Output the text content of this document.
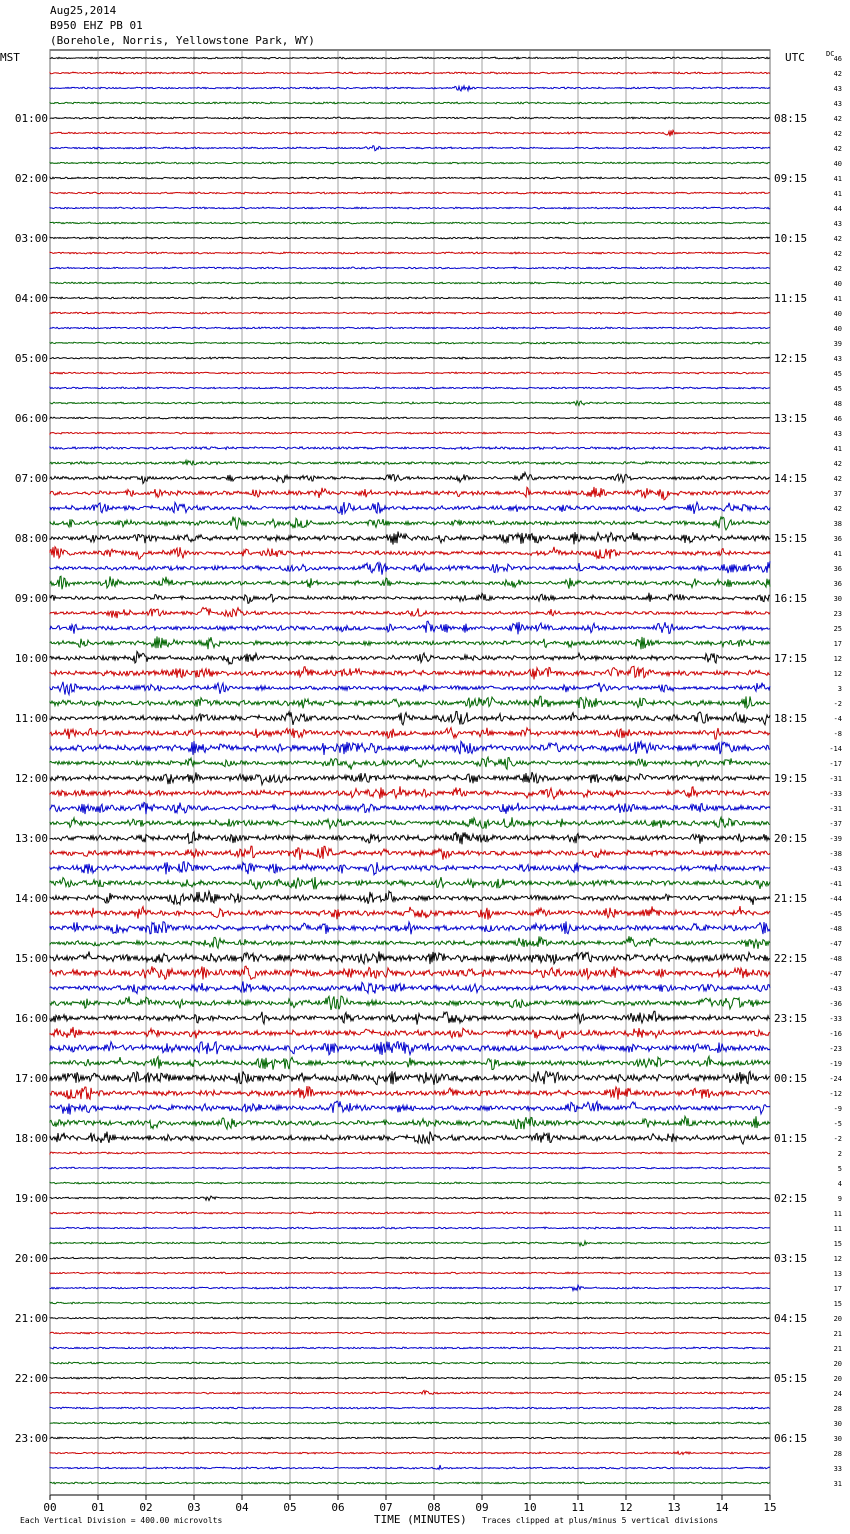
Aug25,2014
B950 EHZ PB 01
(Borehole, Norris, Yellowstone Park, WY)
00	01	02	03	04	05	06	07	08	09	10	11	12	13	14	15
46
42
43
43
42
42
42
40
41
41
44
43
42
42
42
40
41
40
40
39
43
45
45
48
46
43
41
42
42
37
42
38
36
41
36
36
30
23
25
17
12
12
3
-2
-4
-8
-14
-17
-31
-33
-31
-37
-39
-38
-43
-41
-44
-45
-48
-47
-48
-47
-43
-36
-33
-16
-23
-19
-24
-12
-9
-5
-2
2
5
4
9
11
11
15
12
13
17
15
20
21
21
20
20
24
28
30
30
28
33
31
01:00	08:15
02:00	09:15
03:00	10:15
04:00	11:15
05:00	12:15
06:00	13:15
07:00	14:15
08:00	15:15
09:00	16:15
10:00	17:15
11:00	18:15
12:00	19:15
13:00	20:15
14:00	21:15
15:00	22:15
16:00	23:15
17:00	00:15
18:00	01:15
19:00	02:15
20:00	03:15
21:00	04:15
22:00	05:15
23:00	06:15
MST	UTC	DC
TIME (MINUTES)
Each Vertical Division = 400.00 microvolts	Traces clipped at plus/minus 5 vertical divisions
